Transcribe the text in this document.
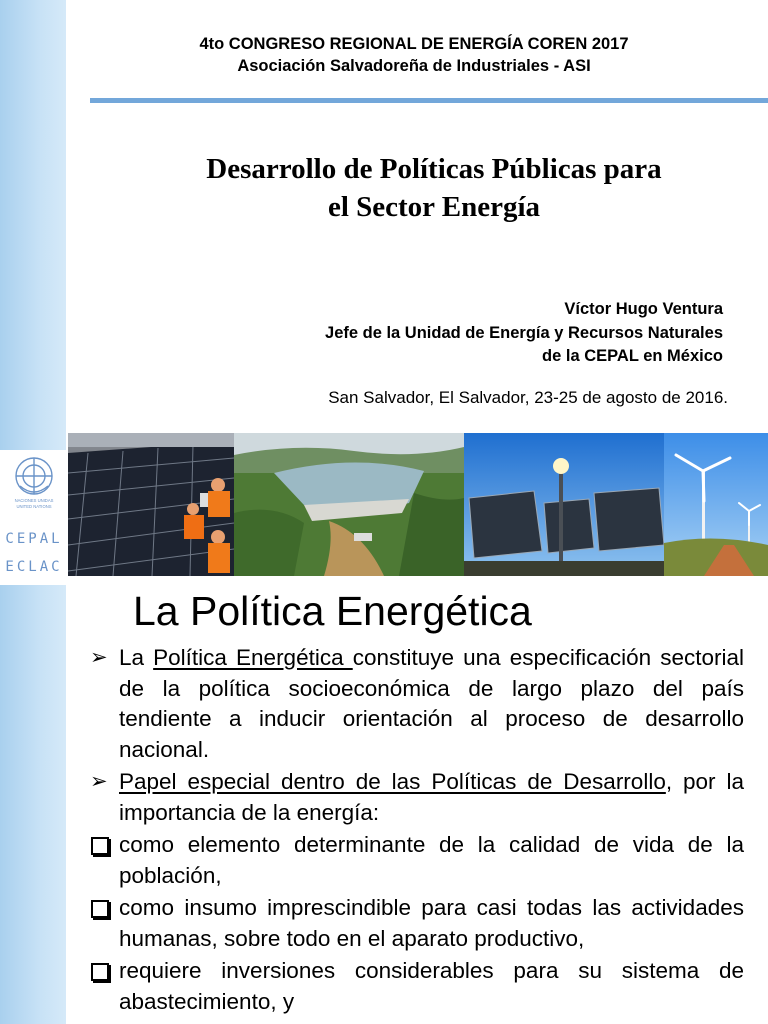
4to CONGRESO REGIONAL DE ENERGÍA COREN 2017
Asociación Salvadoreña de Industriales - ASI
Desarrollo de Políticas Públicas para
el Sector Energía
Víctor Hugo Ventura
Jefe de la Unidad de Energía y Recursos Naturales
de la CEPAL en México
San Salvador, El Salvador, 23-25 de agosto de 2016.
NACIONES UNIDAS
UNITED NATIONS
CEPAL
ECLAC
La Política Energética
➢ La Política Energética constituye una especificación sectorial de la política socioeconómica de largo plazo del país tendiente a inducir orientación al proceso de desarrollo nacional.
➢ Papel especial dentro de las Políticas de Desarrollo, por la importancia de la energía:
como elemento determinante de la calidad de vida de la población,
como insumo imprescindible para casi todas las actividades humanas, sobre todo en el aparato productivo,
requiere inversiones considerables para su sistema de abastecimiento, y
